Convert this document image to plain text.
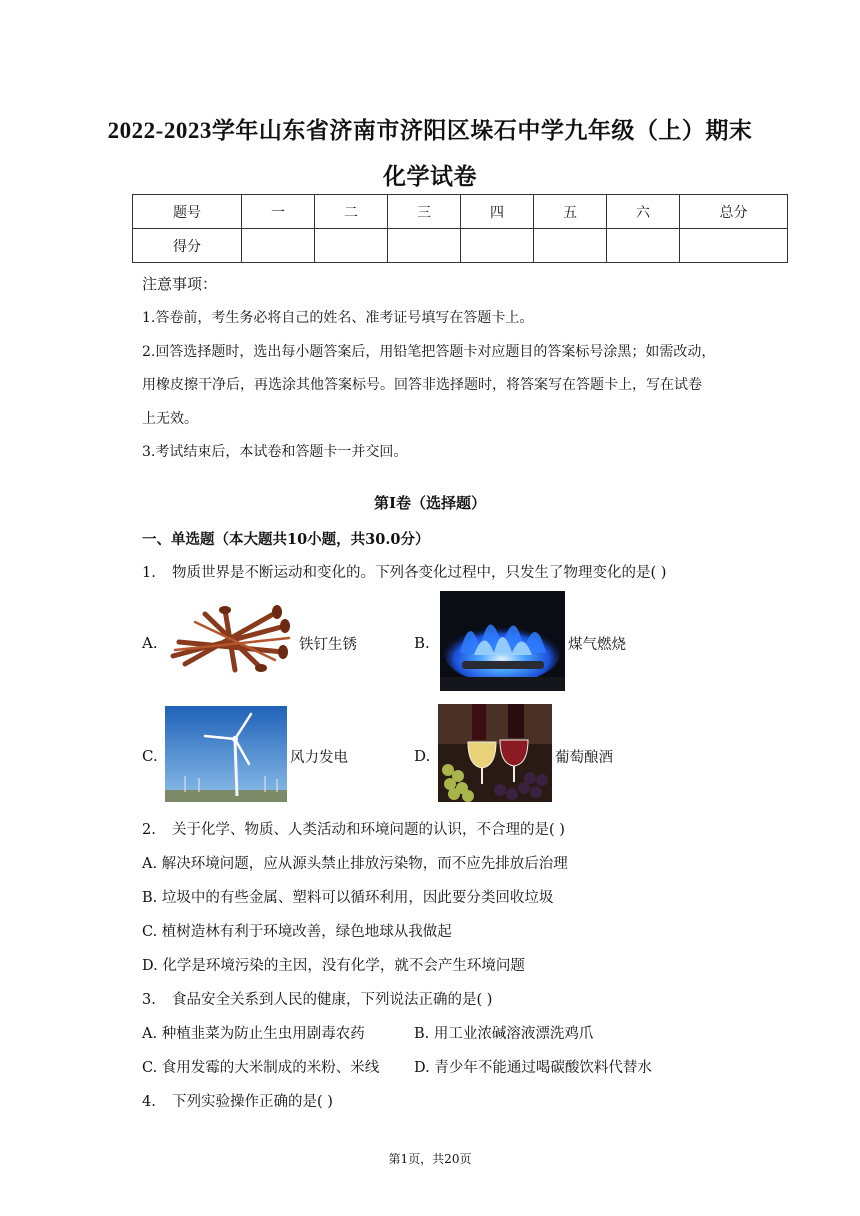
2022-2023学年山东省济南市济阳区垛石中学九年级（上）期末
化学试卷
题号	一	二	三	四	五	六	总分
得分							
注意事项：
1.答卷前，考生务必将自己的姓名、准考证号填写在答题卡上。
2.回答选择题时，选出每小题答案后，用铅笔把答题卡对应题目的答案标号涂黑；如需改动，
用橡皮擦干净后，再选涂其他答案标号。回答非选择题时，将答案写在答题卡上，写在试卷
上无效。
3.考试结束后，本试卷和答题卡一并交回。
第I卷（选择题）
一、单选题（本大题共10小题，共30.0分）
1. 物质世界是不断运动和变化的。下列各变化过程中，只发生了物理变化的是( )
A.	铁钉生锈	B.	煤气燃烧
C.	风力发电	D.	葡萄酿酒
2. 关于化学、物质、人类活动和环境问题的认识，不合理的是( )
A. 解决环境问题，应从源头禁止排放污染物，而不应先排放后治理
B. 垃圾中的有些金属、塑料可以循环利用，因此要分类回收垃圾
C. 植树造林有利于环境改善，绿色地球从我做起
D. 化学是环境污染的主因，没有化学，就不会产生环境问题
3. 食品安全关系到人民的健康，下列说法正确的是( )
A. 种植韭菜为防止生虫用剧毒农药	B. 用工业浓碱溶液漂洗鸡爪
C. 食用发霉的大米制成的米粉、米线 D. 青少年不能通过喝碳酸饮料代替水
4. 下列实验操作正确的是( )
第1页，共20页
